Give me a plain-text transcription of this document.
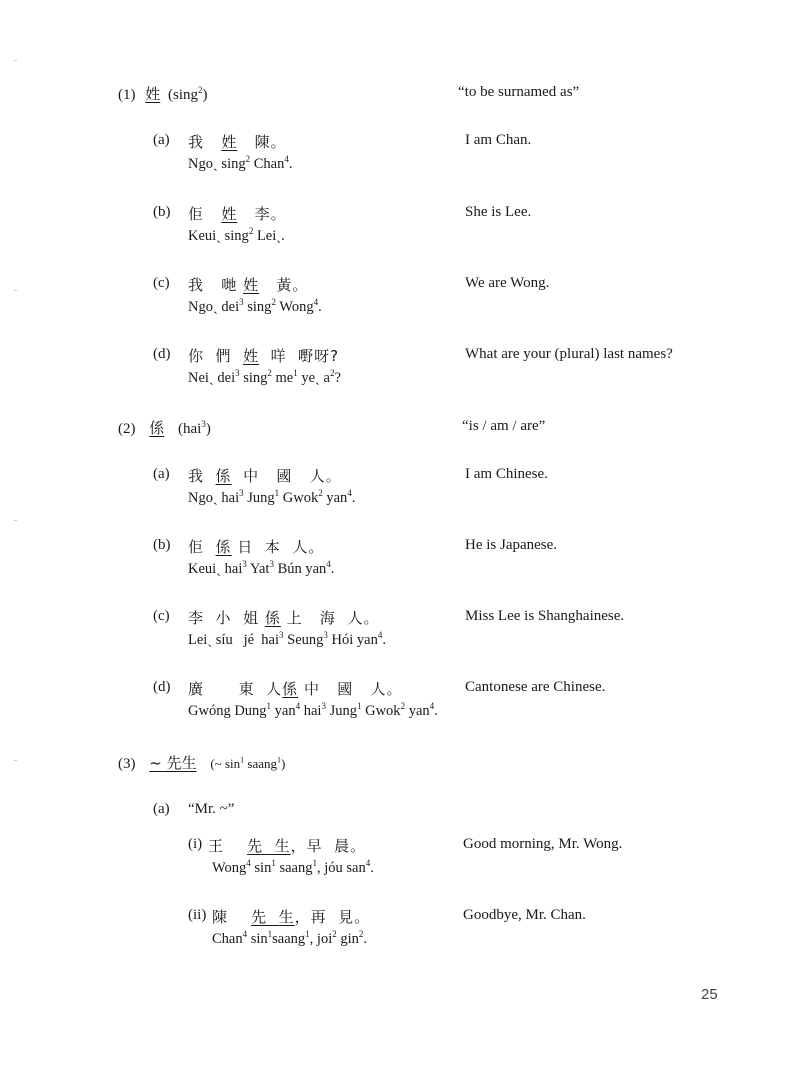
(1) 姓 (sing$^2$)	“to be surnamed as”
(a) 我   姓   陳。
Ngoˏ sing$^2$ Chan$^4$.
I am Chan.
(b) 佢   姓   李。
Keuiˏ sing$^2$ Leiˏ.
She is Lee.
(c) 我   哋 姓   黃。
Ngoˏ dei$^3$ sing$^2$ Wong$^4$.
We are Wong.
(d) 你  們  姓  咩  嘢呀?
Neiˏ dei$^3$ sing$^2$ $me^1$ yeˏ $a^2$?
What are your (plural) last names?
(2) 係 (hai$^3$)	“is / am / are”
(a) 我  係  中   國   人。
Ngoˏ hai$^3$ Jung$^1$ Gwok$^2$ yan$^4$.
I am Chinese.
(b) 佢  係 日  本  人。
Keuiˏ hai$^3$ Yat$^3$ Bún yan$^4$.
He is Japanese.
(c) 李  小  姐 係 上   海  人。
Leiˏ síu   jé  hai$^3$ Seung$^3$ Hói yan$^4$.
Miss Lee is Shanghainese.
(d) 廣      東  人係 中   國   人。
Gwóng Dung$^1$ yan$^4$ hai$^3$ Jung$^1$ Gwok$^2$ yan$^4$.
Cantonese are Chinese.
(3) ~ 先生 (~ $\sin^1$ saang$^1$)
(a) “Mr. ~”
(i) 王    先  生，早  晨。
Wong$^4$ $\sin^1$ saang$^1$, jóu san$^4$.
Good morning, Mr. Wong.
(ii) 陳    先  生，再  見。
Chan$^4$ $\sin^1saang^1$, joi$^2$ gin$^2$.
Goodbye, Mr. Chan.
25
